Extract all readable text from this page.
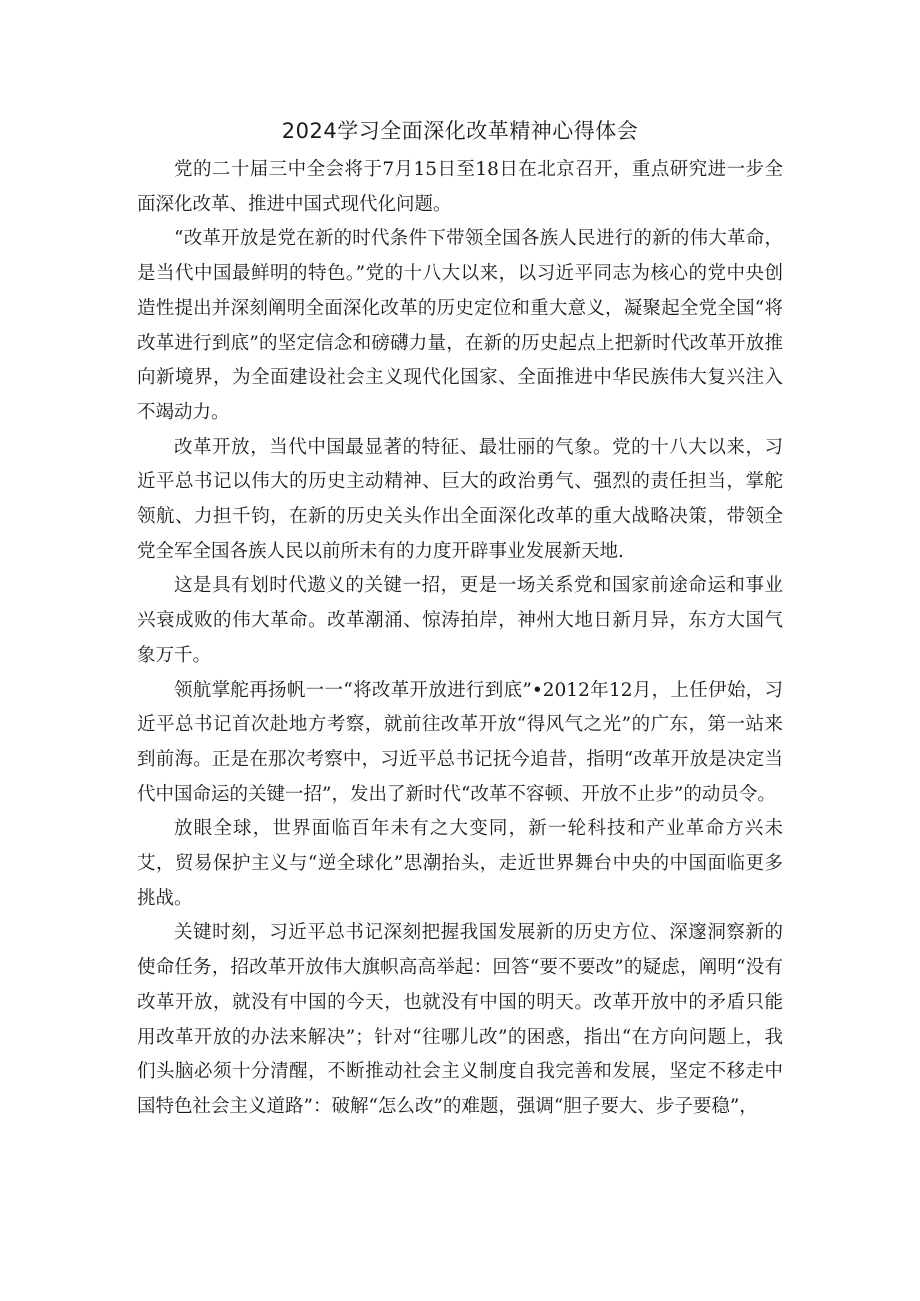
2024学习全面深化改革精神心得体会

党的二十届三中全会将于7月15日至18日在北京召开，重点研究进一步全面深化改革、推进中国式现代化问题。

“改革开放是党在新的时代条件下带领全国各族人民进行的新的伟大革命，是当代中国最鲜明的特色。”党的十八大以来，以习近平同志为核心的党中央创造性提出并深刻阐明全面深化改革的历史定位和重大意义，凝聚起全党全国“将改革进行到底”的坚定信念和磅礴力量，在新的历史起点上把新时代改革开放推向新境界，为全面建设社会主义现代化国家、全面推进中华民族伟大复兴注入不竭动力。

改革开放，当代中国最显著的特征、最壮丽的气象。党的十八大以来，习近平总书记以伟大的历史主动精神、巨大的政治勇气、强烈的责任担当，掌舵领航、力担千钧，在新的历史关头作出全面深化改革的重大战略决策，带领全党全军全国各族人民以前所未有的力度开辟事业发展新天地.

这是具有划时代遨义的关键一招，更是一场关系党和国家前途命运和事业兴衰成败的伟大革命。改革潮涌、惊涛拍岸，神州大地日新月异，东方大国气象万千。

领航掌舵再扬帆一一“将改革开放进行到底”•2012年12月，上任伊始，习近平总书记首次赴地方考察，就前往改革开放“得风气之光”的广东，第一站来到前海。正是在那次考察中，习近平总书记抚今追昔，指明“改革开放是决定当代中国命运的关键一招”，发出了新时代“改革不容顿、开放不止步”的动员令。

放眼全球，世界面临百年未有之大变同，新一轮科技和产业革命方兴未艾，贸易保护主义与“逆全球化”思潮抬头，走近世界舞台中央的中国面临更多挑战。

关键时刻，习近平总书记深刻把握我国发展新的历史方位、深邃洞察新的使命任务，招改革开放伟大旗帜高高举起：回答“要不要改”的疑虑，阐明“没有改革开放，就没有中国的今天，也就没有中国的明天。改革开放中的矛盾只能用改革开放的办法来解决”；针对“往哪儿改”的困惑，指出“在方向问题上，我们头脑必须十分清醒，不断推动社会主义制度自我完善和发展，坚定不移走中国特色社会主义道路”：破解“怎么改”的难题，强调“胆子要大、步子要稳”，
